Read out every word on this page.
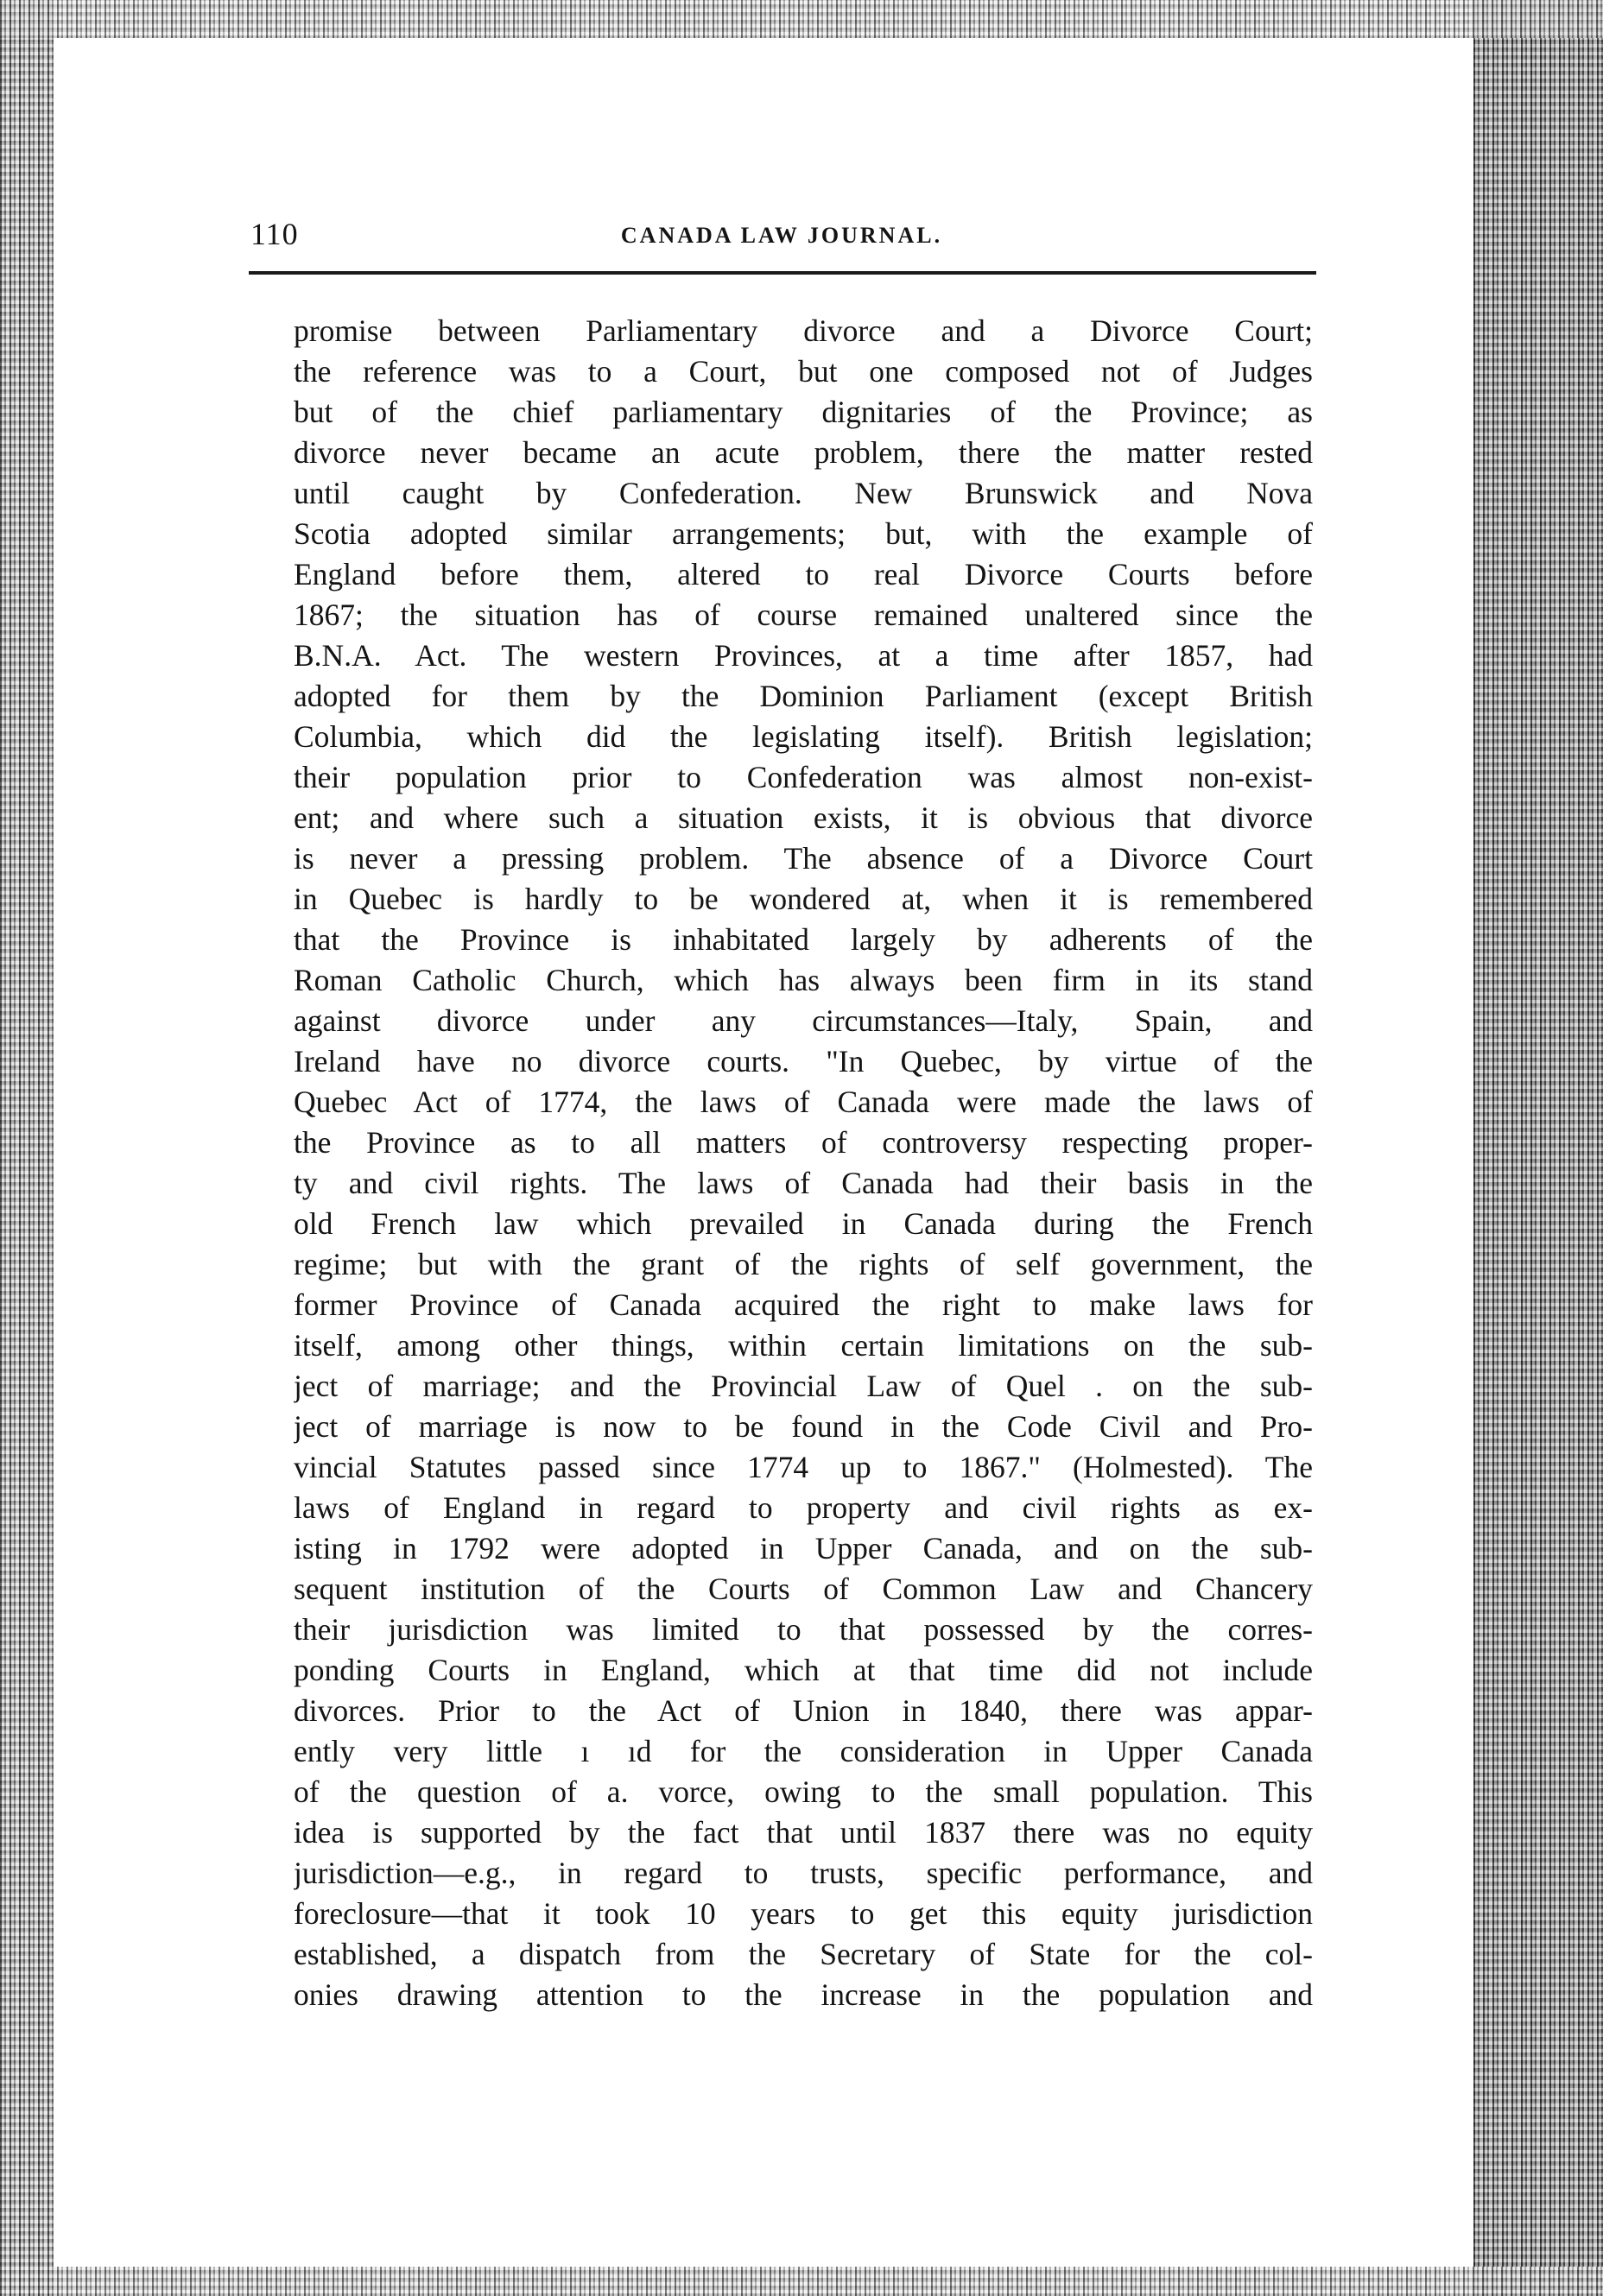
110	CANADA LAW JOURNAL.
promise between Parliamentary divorce and a Divorce Court;
the reference was to a Court, but one composed not of Judges
but of the chief parliamentary dignitaries of the Province; as
divorce never became an acute problem, there the matter rested
until caught by Confederation. New Brunswick and Nova
Scotia adopted similar arrangements; but, with the example of
England before them, altered to real Divorce Courts before
1867; the situation has of course remained unaltered since the
B.N.A. Act. The western Provinces, at a time after 1857, had
adopted for them by the Dominion Parliament (except British
Columbia, which did the legislating itself). British legislation;
their population prior to Confederation was almost non-exist-
ent; and where such a situation exists, it is obvious that divorce
is never a pressing problem. The absence of a Divorce Court
in Quebec is hardly to be wondered at, when it is remembered
that the Province is inhabitated largely by adherents of the
Roman Catholic Church, which has always been firm in its stand
against divorce under any circumstances—Italy, Spain, and
Ireland have no divorce courts. "In Quebec, by virtue of the
Quebec Act of 1774, the laws of Canada were made the laws of
the Province as to all matters of controversy respecting proper-
ty and civil rights. The laws of Canada had their basis in the
old French law which prevailed in Canada during the French
regime; but with the grant of the rights of self government, the
former Province of Canada acquired the right to make laws for
itself, among other things, within certain limitations on the sub-
ject of marriage; and the Provincial Law of Quel . on the sub-
ject of marriage is now to be found in the Code Civil and Pro-
vincial Statutes passed since 1774 up to 1867." (Holmested). The
laws of England in regard to property and civil rights as ex-
isting in 1792 were adopted in Upper Canada, and on the sub-
sequent institution of the Courts of Common Law and Chancery
their jurisdiction was limited to that possessed by the corres-
ponding Courts in England, which at that time did not include
divorces. Prior to the Act of Union in 1840, there was appar-
ently very little ı ıd for the consideration in Upper Canada
of the question of a. vorce, owing to the small population. This
idea is supported by the fact that until 1837 there was no equity
jurisdiction—e.g., in regard to trusts, specific performance, and
foreclosure—that it took 10 years to get this equity jurisdiction
established, a dispatch from the Secretary of State for the col-
onies drawing attention to the increase in the population and
